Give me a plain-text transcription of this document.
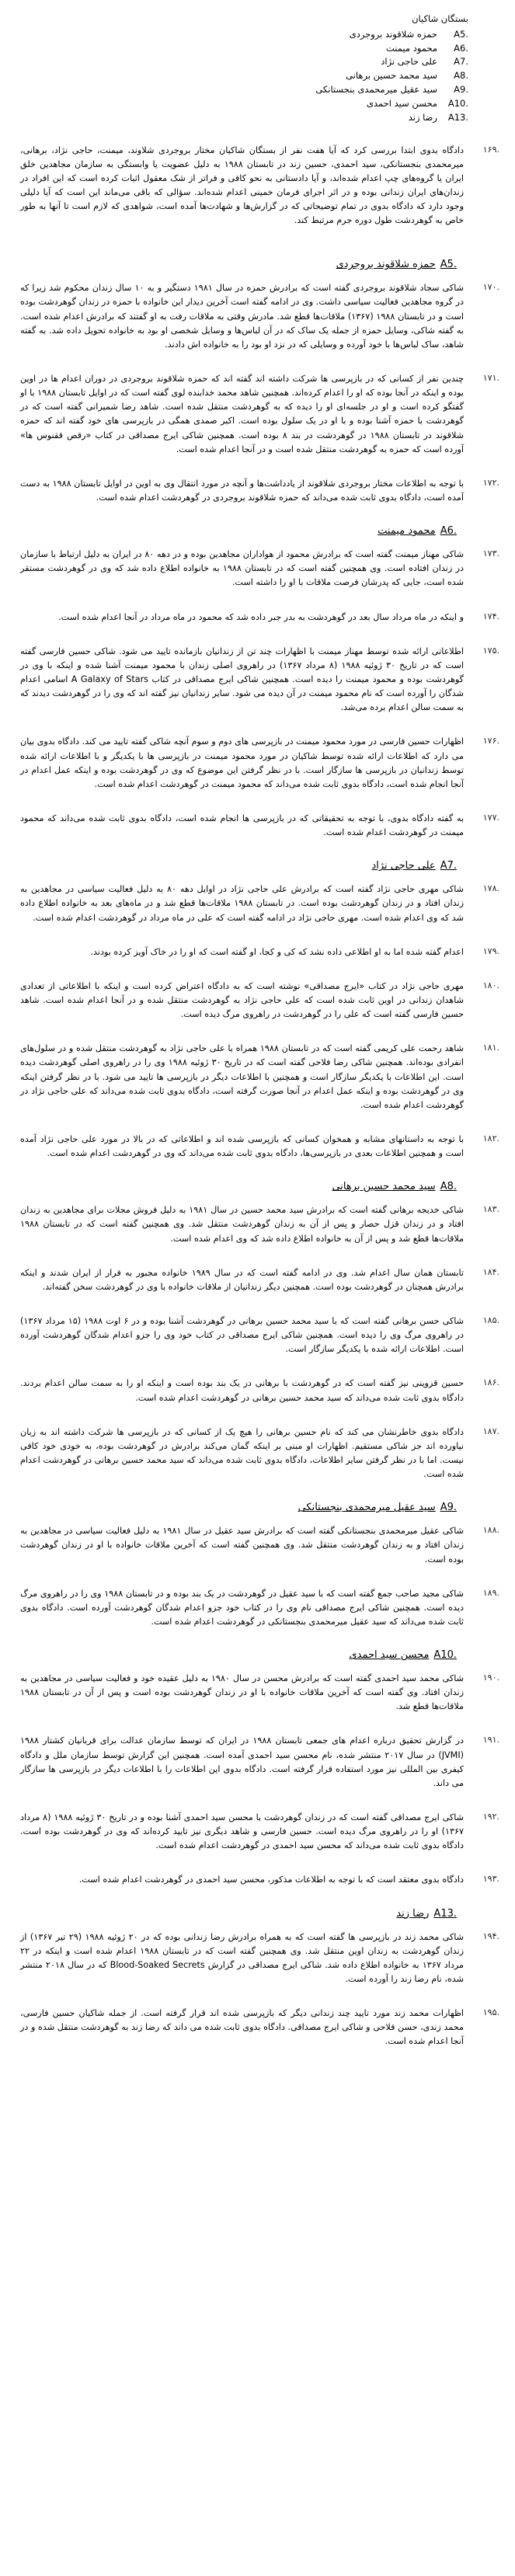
بستگان شاکیان
A5.
حمزه شلاقوند بروجردی
A6.
محمود میمنت
A7.
علی حاجی نژاد
A8.
سید محمد حسین برهانی
A9.
سید عقیل میرمحمدی بنجستانکی
A10.
محسن سید احمدی
A13.
رضا زند
١۶٩.
دادگاه بدوی ابتدا بررسی کرد که آیا هفت نفر از بستگان شاکیان مختار بروجردی شلاوند، میمنت، حاجی نژاد، برهانی، میرمحمدی بنجستانکی، سید احمدی، حسین زند در تابستان ۱۹۸۸ به دلیل عضویت یا وابستگی به سازمان مجاهدین خلق ایران یا گروه‌های چپ اعدام شده‌اند، و آیا دادستانی به نحو کافی و فراتر از شک معقول اثبات کرده است که این افراد در زندان‌های ایران زندانی بوده و در اثر اجرای فرمان خمینی اعدام شده‌اند. سؤالی که باقی می‌ماند این است که آیا دلیلی وجود دارد که دادگاه بدوی در تمام توضیحاتی که در گزارش‌ها و شهادت‌ها آمده است، شواهدی که لازم است تا آنها به طور خاص به گوهردشت طول دوره جرم مرتبط کند.
A5.حمزه شلاقوند بروجردی
١٧٠.
شاکی سجاد شلاقوند بروجردی گفته است که برادرش حمزه در سال ۱۹۸۱ دستگیر و به ۱۰ سال زندان محکوم شد زیرا که در گروه مجاهدین فعالیت سیاسی داشت. وی در ادامه گفته است آخرین دیدار این خانواده با حمزه در زندان گوهردشت بوده است و در تابستان ۱۹۸۸ (۱۳۶۷) ملاقات‌ها قطع شد. مادرش وقتی به ملاقات رفت به او گفتند که برادرش اعدام شده است. به گفته شاکی، وسایل حمزه از جمله یک ساک که در آن لباس‌ها و وسایل شخصی او بود به خانواده تحویل داده شد. به گفته شاهد، ساک لباس‌ها با خود آورده و وسایلی که در نزد او بود را به خانواده اش دادند.
١٧١.
چندین نفر از کسانی که در بازپرسی ها شرکت داشته اند گفته اند که حمزه شلاقوند بروجردی در دوران اعدام ها در اوین بوده و اینکه در آنجا بوده که او را اعدام کرده‌اند. همچنین شاهد محمد خدابنده لوی گفته است که در اوایل تابستان ۱۹۸۸ با او گفتگو کرده است و او در جلسه‌ای او را دیده که به گوهردشت منتقل شده است. شاهد رضا شمیرانی گفته است که در گوهردشت با حمزه آشنا بوده و با او در یک سلول بوده است. اکبر صمدی همگی در بازپرسی های خود گفته اند که حمزه شلاقوند در تابستان ۱۹۸۸ در گوهردشت در بند ۸ بوده است. همچنین شاکی ایرج مصداقی در کتاب «رقص ققنوس ها» آورده است که حمزه به گوهردشت منتقل شده است و در آنجا اعدام شده است.
١٧٢.
با توجه به اطلاعات مختار بروجردی شلاقوند از یادداشت‌ها و آنچه در مورد انتقال وی به اوین در اوایل تابستان ۱۹۸۸ به دست آمده است، دادگاه بدوی ثابت شده می‌داند که حمزه شلاقوند بروجردی در گوهردشت اعدام شده است.
A6.محمود میمنت
١٧٣.
شاکی مهناز میمنت گفته است که برادرش محمود از هواداران مجاهدین بوده و در دهه ۸۰ در ایران به دلیل ارتباط با سازمان در زندان افتاده است. وی همچنین گفته است که در تابستان ۱۹۸۸ به خانواده اطلاع داده شد که وی در گوهردشت مستقر شده است، جایی که پدرشان فرصت ملاقات با او را داشته است.
١٧۴.
و اینکه در ماه مرداد سال بعد در گوهردشت به بدر جبر داده شد که محمود در ماه مرداد در آنجا اعدام شده است.
١٧۵.
اطلاعاتی ارائه شده توسط مهناز میمنت با اظهارات چند تن از زندانیان بازمانده تایید می شود. شاکی حسین فارسی گفته است که در تاریخ ۳۰ ژوئیه ۱۹۸۸ (۸ مرداد ۱۳۶۷) در راهروی اصلی زندان با محمود میمنت آشنا شده و اینکه با وی در گوهردشت بوده و محمود میمنت را دیده است. همچنین شاکی ایرج مصداقی در کتاب A Galaxy of Stars اسامی اعدام شدگان را آورده است که نام محمود میمنت در آن دیده می شود. سایر زندانیان نیز گفته اند که وی را در گوهردشت دیدند که به سمت سالن اعدام برده می‌شد.
١٧۶.
اظهارات حسین فارسی در مورد محمود میمنت در بازپرسی های دوم و سوم آنچه شاکی گفته تایید می کند. دادگاه بدوی بیان می دارد که اطلاعات ارائه شده توسط شاکیان در مورد محمود میمنت در بازپرسی ها با یکدیگر و با اطلاعات ارائه شده توسط زندانیان در بازپرسی ها سازگار است. با در نظر گرفتن این موضوع که وی در گوهردشت بوده و اینکه عمل اعدام در آنجا انجام شده است، دادگاه بدوی ثابت شده می‌داند که محمود میمنت در گوهردشت اعدام شده است.
١٧٧.
به گفته دادگاه بدوی، با توجه به تحقیقاتی که در بازپرسی ها انجام شده است، دادگاه بدوی ثابت شده می‌داند که محمود میمنت در گوهردشت اعدام شده است.
A7.علی حاجی نژاد
١٧٨.
شاکی مهری حاجی نژاد گفته است که برادرش علی حاجی نژاد در اوایل دهه ۸۰ به دلیل فعالیت سیاسی در مجاهدین به زندان افتاد و در زندان گوهردشت بوده است. در تابستان ۱۹۸۸ ملاقات‌ها قطع شد و در ماه‌های بعد به خانواده اطلاع داده شد که وی اعدام شده است. مهری حاجی نژاد در ادامه گفته است که علی در ماه مرداد در گوهردشت اعدام شده است.
١٧٩.
اعدام گفته شده اما به او اطلاعی داده نشد که کی و کجا، او گفته است که او را در خاک آویز کرده بودند.
١٨٠.
مهری حاجی نژاد در کتاب «ایرج مصداقی» نوشته است که به دادگاه اعتراض کرده است و اینکه با اطلاعاتی از تعدادی شاهدان زندانی در اوین ثابت شده است که علی حاجی نژاد به گوهردشت منتقل شده و در آنجا اعدام شده است. شاهد حسین فارسی گفته است که علی را در گوهردشت در راهروی مرگ دیده است.
١٨١.
شاهد رحمت علی کریمی گفته است که در تابستان ۱۹۸۸ همراه با علی حاجی نژاد به گوهردشت منتقل شده و در سلول‌های انفرادی بوده‌اند. همچنین شاکی رضا فلاحی گفته است که در تاریخ ۳۰ ژوئیه ۱۹۸۸ وی را در راهروی اصلی گوهردشت دیده است. این اطلاعات با یکدیگر سازگار است و همچنین با اطلاعات دیگر در بازپرسی ها تایید می شود. با در نظر گرفتن اینکه وی در گوهردشت بوده و اینکه عمل اعدام در آنجا صورت گرفته است، دادگاه بدوی ثابت شده می‌داند که علی حاجی نژاد در گوهردشت اعدام شده است.
١٨٢.
با توجه به داستانهای مشابه و همخوان کسانی که بازپرسی شده اند و اطلاعاتی که در بالا در مورد علی حاجی نژاد آمده است و همچنین اطلاعات بعدی در بازپرسی‌ها، دادگاه بدوی ثابت شده می‌داند که وی در گوهردشت اعدام شده است.
A8.سید محمد حسین برهانی
١٨٣.
شاکی خدیجه برهانی گفته است که برادرش سید محمد حسین در سال ۱۹۸۱ به دلیل فروش مجلات برای مجاهدین به زندان افتاد و در زندان قزل حصار و پس از آن به زندان گوهردشت منتقل شد. وی همچنین گفته است که در تابستان ۱۹۸۸ ملاقات‌ها قطع شد و پس از آن به خانواده اطلاع داده شد که وی اعدام شده است.
١٨۴.
تابستان همان سال اعدام شد. وی در ادامه گفته است که در سال ۱۹۸۹ خانواده مجبور به فرار از ایران شدند و اینکه برادرش همچنان در گوهردشت بوده است. همچنین دیگر زندانیان از ملاقات خانواده با وی در گوهردشت سخن گفته‌اند.
١٨۵.
شاکی حسن برهانی گفته است که با سید محمد حسین برهانی در گوهردشت آشنا بوده و در ۶ اوت ۱۹۸۸ (۱۵ مرداد ۱۳۶۷) در راهروی مرگ وی را دیده است. همچنین شاکی ایرج مصداقی در کتاب خود وی را جزو اعدام شدگان گوهردشت آورده است. اطلاعات ارائه شده با یکدیگر سازگار است.
١٨۶.
حسین قزوینی نیز گفته است که در گوهردشت با برهانی در یک بند بوده است و اینکه او را به سمت سالن اعدام بردند. دادگاه بدوی ثابت شده می‌داند که سید محمد حسین برهانی در گوهردشت اعدام شده است.
١٨٧.
دادگاه بدوی خاطرنشان می کند که نام حسین برهانی را هیچ یک از کسانی که در بازپرسی ها شرکت داشته اند به زبان نیاورده اند جز شاکی مستقیم. اظهارات او مبنی بر اینکه گمان می‌کند برادرش در گوهردشت بوده، به خودی خود کافی نیست. اما با در نظر گرفتن سایر اطلاعات، دادگاه بدوی ثابت شده می‌داند که سید محمد حسین برهانی در گوهردشت اعدام شده است.
A9.سید عقیل میرمحمدی بنجستانکی
١٨٨.
شاکی عقیل میرمحمدی بنجستانکی گفته است که برادرش سید عقیل در سال ۱۹۸۱ به دلیل فعالیت سیاسی در مجاهدین به زندان افتاد و به زندان گوهردشت منتقل شد. وی همچنین گفته است که آخرین ملاقات خانواده با او در زندان گوهردشت بوده است.
١٨٩.
شاکی مجید صاحب جمع گفته است که با سید عقیل در گوهردشت در یک بند بوده و در تابستان ۱۹۸۸ وی را در راهروی مرگ دیده است. همچنین شاکی ایرج مصداقی نام وی را در کتاب خود جزو اعدام شدگان گوهردشت آورده است. دادگاه بدوی ثابت شده می‌داند که سید عقیل میرمحمدی بنجستانکی در گوهردشت اعدام شده است.
A10.محسن سید احمدی
١٩٠.
شاکی محمد سید احمدی گفته است که برادرش محسن در سال ۱۹۸۰ به دلیل عقیده خود و فعالیت سیاسی در مجاهدین به زندان افتاد. وی گفته است که آخرین ملاقات خانواده با او در زندان گوهردشت بوده است و پس از آن در تابستان ۱۹۸۸ ملاقات‌ها قطع شد.
١٩١.
در گزارش تحقیق درباره اعدام های جمعی تابستان ۱۹۸۸ در ایران که توسط سازمان عدالت برای قربانیان کشتار ۱۹۸۸ (JVMI) در سال ۲۰۱۷ منتشر شده، نام محسن سید احمدی آمده است. همچنین این گزارش توسط سازمان ملل و دادگاه کیفری بین المللی نیز مورد استفاده قرار گرفته است. دادگاه بدوی این اطلاعات را با اطلاعات دیگر در بازپرسی ها سازگار می داند.
١٩٢.
شاکی ایرج مصداقی گفته است که در زندان گوهردشت با محسن سید احمدی آشنا بوده و در تاریخ ۳۰ ژوئیه ۱۹۸۸ (۸ مرداد ۱۳۶۷) او را در راهروی مرگ دیده است. حسین فارسی و شاهد دیگری نیز تایید کرده‌اند که وی در گوهردشت بوده است. دادگاه بدوی ثابت شده می‌داند که محسن سید احمدی در گوهردشت اعدام شده است.
١٩٣.
دادگاه بدوی معتقد است که با توجه به اطلاعات مذکور، محسن سید احمدی در گوهردشت اعدام شده است.
A13.رضا زند
١٩۴.
شاکی محمد زند در بازپرسی ها گفته است که به همراه برادرش رضا زندانی بوده که در ۲۰ ژوئیه ۱۹۸۸ (۲۹ تیر ۱۳۶۷) از زندان گوهردشت به زندان اوین منتقل شد. وی همچنین گفته است که در تابستان ۱۹۸۸ اعدام شده است و اینکه در ۲۲ مرداد ۱۳۶۷ به خانواده اطلاع داده شد. شاکی ایرج مصداقی در گزارش Blood-Soaked Secrets که در سال ۲۰۱۸ منتشر شده، نام رضا زند را آورده است.
١٩۵.
اظهارات محمد زند مورد تایید چند زندانی دیگر که بازپرسی شده اند قرار گرفته است. از جمله شاکیان حسین فارسی، محمد زندی، حسن فلاحی و شاکی ایرج مصداقی. دادگاه بدوی ثابت شده می داند که رضا زند به گوهردشت منتقل شده و در آنجا اعدام شده است.
